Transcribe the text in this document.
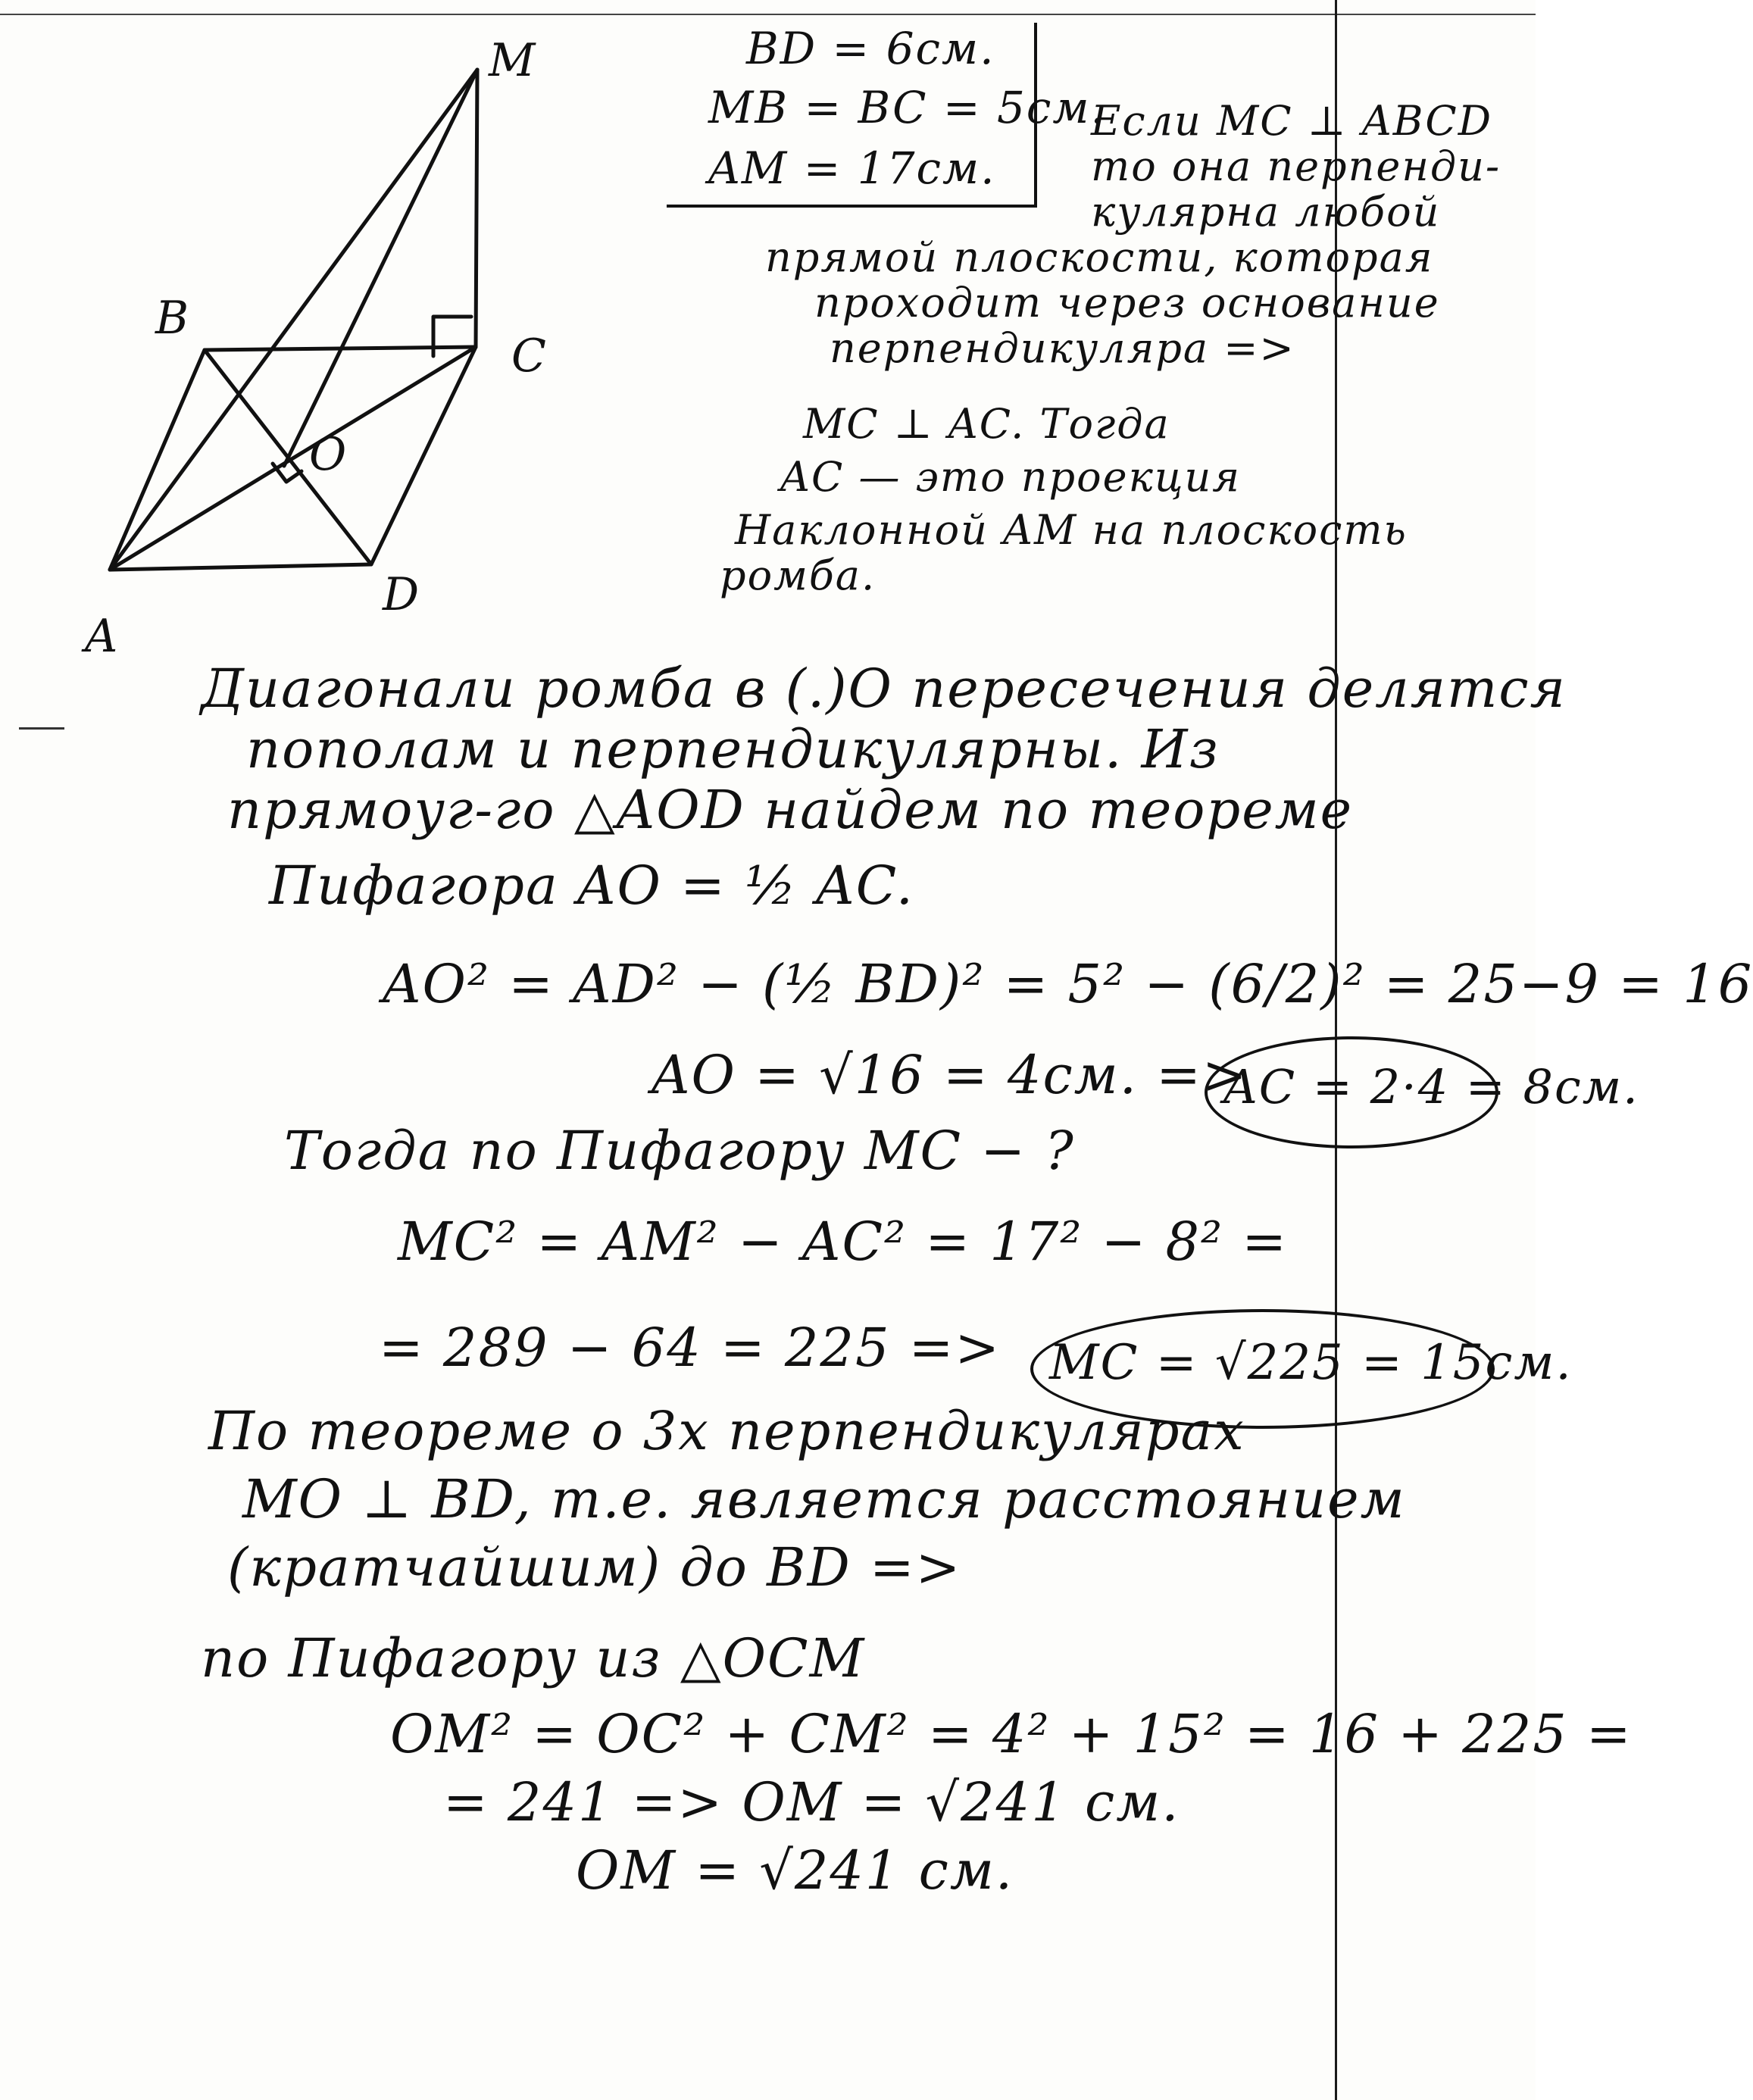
M
B
C
O
A
D
BD = 6см.
MB = BC = 5см.
AM = 17см.
Если MC ⊥ ABCD
то она перпенди-
кулярна любой
прямой плоскости, которая
проходит через основание
перпендикуляра =>
MC ⊥ AC. Тогда
AC — это проекция
Наклонной AM на плоскость
ромба.
Диагонали ромба в (.)O пересечения делятся
пополам и перпендикулярны. Из
прямоуг-го △AOD найдем по теореме
Пифагора AO = ½ AC.
AO² = AD² − (½ BD)² = 5² − (6/2)² = 25−9 = 16
AO = √16 = 4см. =>
Тогда по Пифагору MC − ?
MC² = AM² − AC² = 17² − 8² =
= 289 − 64 = 225 =>
По теореме о 3х перпендикулярах
MO ⊥ BD, т.е. является расстоянием
(кратчайшим) до BD =>
по Пифагору из △OCM
OM² = OC² + CM² = 4² + 15² = 16 + 225 =
= 241 => OM = √241 см.
OM = √241 см.
AC = 2·4 = 8см.
MC = √225 = 15см.
